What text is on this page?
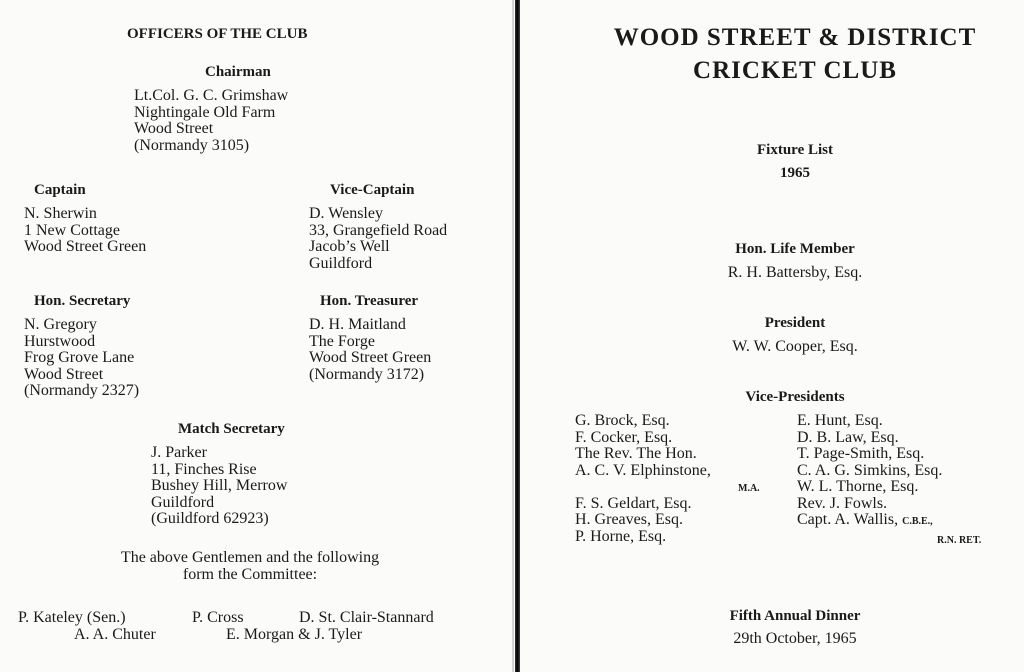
OFFICERS OF THE CLUB
Chairman
Lt.Col. G. C. Grimshaw
Nightingale Old Farm
Wood Street
(Normandy 3105)
Captain
N. Sherwin
1 New Cottage
Wood Street Green
Vice-Captain
D. Wensley
33, Grangefield Road
Jacob’s Well
Guildford
Hon. Secretary
N. Gregory
Hurstwood
Frog Grove Lane
Wood Street
(Normandy 2327)
Hon. Treasurer
D. H. Maitland
The Forge
Wood Street Green
(Normandy 3172)
Match Secretary
J. Parker
11, Finches Rise
Bushey Hill, Merrow
Guildford
(Guildford 62923)
The above Gentlemen and the following
form the Committee:
P. Kateley (Sen.)	P. Cross	D. St. Clair-Stannard
A. A. Chuter	E. Morgan & J. Tyler
WOOD STREET & DISTRICT
CRICKET CLUB
Fixture List
1965
Hon. Life Member
R. H. Battersby, Esq.
President
W. W. Cooper, Esq.
Vice-Presidents
G. Brock, Esq.
F. Cocker, Esq.
The Rev. The Hon.
A. C. V. Elphinstone,
M.A.
F. S. Geldart, Esq.
H. Greaves, Esq.
P. Horne, Esq.
E. Hunt, Esq.
D. B. Law, Esq.
T. Page-Smith, Esq.
C. A. G. Simkins, Esq.
W. L. Thorne, Esq.
Rev. J. Fowls.
Capt. A. Wallis, C.B.E.,
R.N. RET.
Fifth Annual Dinner
29th October, 1965
